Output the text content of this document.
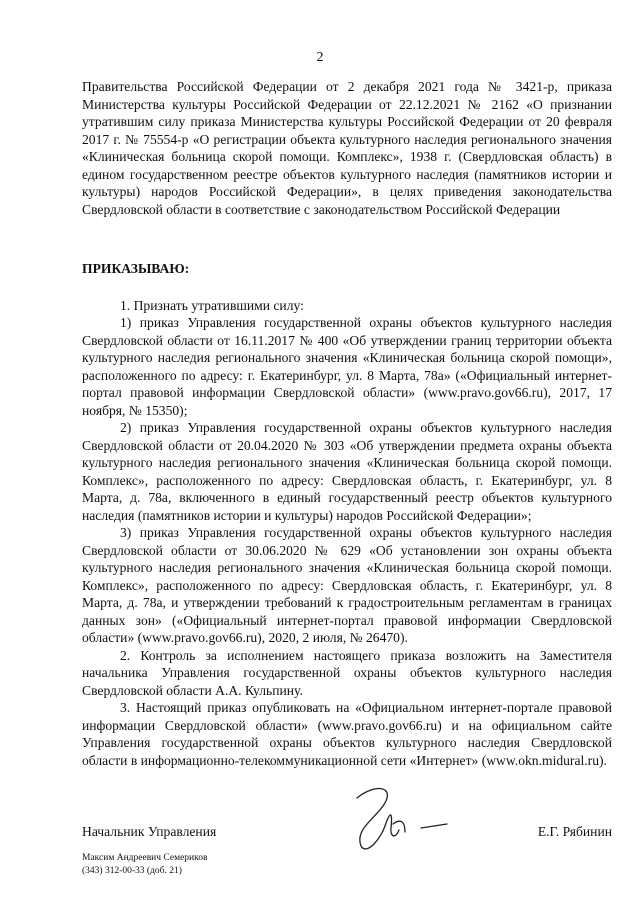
2

Правительства Российской Федерации от 2 декабря 2021 года № 3421-р, приказа Министерства культуры Российской Федерации от 22.12.2021 № 2162 «О признании утратившим силу приказа Министерства культуры Российской Федерации от 20 февраля 2017 г. № 75554-р «О регистрации объекта культурного наследия регионального значения «Клиническая больница скорой помощи. Комплекс», 1938 г. (Свердловская область) в едином государственном реестре объектов культурного наследия (памятников истории и культуры) народов Российской Федерации», в целях приведения законодательства Свердловской области в соответствие с законодательством Российской Федерации

ПРИКАЗЫВАЮ:

1. Признать утратившими силу:

1) приказ Управления государственной охраны объектов культурного наследия Свердловской области от 16.11.2017 № 400 «Об утверждении границ территории объекта культурного наследия регионального значения «Клиническая больница скорой помощи», расположенного по адресу: г. Екатеринбург, ул. 8 Марта, 78а» («Официальный интернет-портал правовой информации Свердловской области» (www.pravo.gov66.ru), 2017, 17 ноября, № 15350);

2) приказ Управления государственной охраны объектов культурного наследия Свердловской области от 20.04.2020 № 303 «Об утверждении предмета охраны объекта культурного наследия регионального значения «Клиническая больница скорой помощи. Комплекс», расположенного по адресу: Свердловская область, г. Екатеринбург, ул. 8 Марта, д. 78а, включенного в единый государственный реестр объектов культурного наследия (памятников истории и культуры) народов Российской Федерации»;

3) приказ Управления государственной охраны объектов культурного наследия Свердловской области от 30.06.2020 № 629 «Об установлении зон охраны объекта культурного наследия регионального значения «Клиническая больница скорой помощи. Комплекс», расположенного по адресу: Свердловская область, г. Екатеринбург, ул. 8 Марта, д. 78а, и утверждении требований к градостроительным регламентам в границах данных зон» («Официальный интернет-портал правовой информации Свердловской области» (www.pravo.gov66.ru), 2020, 2 июля, № 26470).

2. Контроль за исполнением настоящего приказа возложить на Заместителя начальника Управления государственной охраны объектов культурного наследия Свердловской области А.А. Кульпину.

3. Настоящий приказ опубликовать на «Официальном интернет-портале правовой информации Свердловской области» (www.pravo.gov66.ru) и на официальном сайте Управления государственной охраны объектов культурного наследия Свердловской области в информационно-телекоммуникационной сети «Интернет» (www.okn.midural.ru).

Начальник Управления	Е.Г. Рябинин
Максим Андреевич Семериков
(343) 312-00-33 (доб. 21)
